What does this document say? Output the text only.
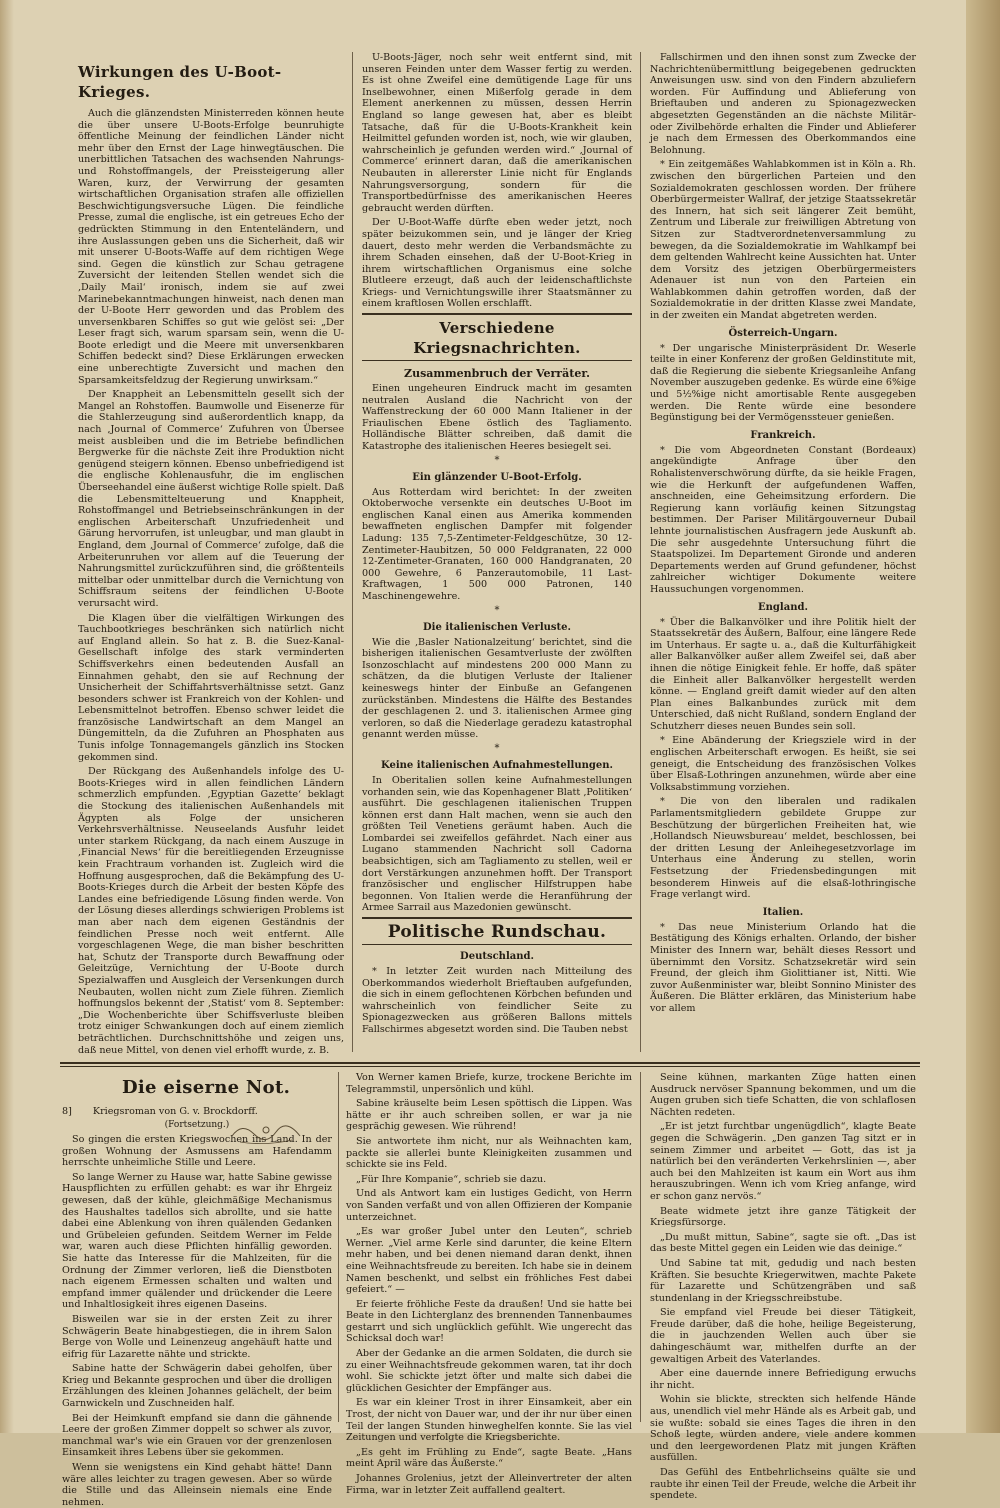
Wirkungen des U-Boot-Krieges.

Auch die glänzendsten Ministerreden können heute die über unsere U-Boots-Erfolge beunruhigte öffentliche Meinung der feindlichen Länder nicht mehr über den Ernst der Lage hinwegtäuschen. Die unerbittlichen Tatsachen des wachsenden Nahrungs- und Rohstoffmangels, der Preissteigerung aller Waren, kurz, der Verwirrung der gesamten wirtschaftlichen Organisation strafen alle offiziellen Beschwichtigungsversuche Lügen. Die feindliche Presse, zumal die englische, ist ein getreues Echo der gedrückten Stimmung in den Ententeländern, und ihre Auslassungen geben uns die Sicherheit, daß wir mit unserer U-Boots-Waffe auf dem richtigen Wege sind. Gegen die künstlich zur Schau getragene Zuversicht der leitenden Stellen wendet sich die ‚Daily Mail‘ ironisch, indem sie auf zwei Marinebekanntmachungen hinweist, nach denen man der U-Boote Herr geworden und das Problem des unversenkbaren Schiffes so gut wie gelöst sei: „Der Leser fragt sich, warum sparsam sein, wenn die U-Boote erledigt und die Meere mit unversenkbaren Schiffen bedeckt sind? Diese Erklärungen erwecken eine unberechtigte Zuversicht und machen den Sparsamkeitsfeldzug der Regierung unwirksam.“

Der Knappheit an Lebensmitteln gesellt sich der Mangel an Rohstoffen. Baumwolle und Eisenerze für die Stahlerzeugung sind außerordentlich knapp, da nach ‚Journal of Commerce‘ Zufuhren von Übersee meist ausbleiben und die im Betriebe befindlichen Bergwerke für die nächste Zeit ihre Produktion nicht genügend steigern können. Ebenso unbefriedigend ist die englische Kohlenausfuhr, die im englischen Überseehandel eine äußerst wichtige Rolle spielt. Daß die Lebensmittelteuerung und Knappheit, Rohstoffmangel und Betriebseinschränkungen in der englischen Arbeiterschaft Unzufriedenheit und Gärung hervorrufen, ist unleugbar, und man glaubt in England, dem ‚Journal of Commerce‘ zufolge, daß die Arbeiterunruhen vor allem auf die Teuerung der Nahrungsmittel zurückzuführen sind, die größtenteils mittelbar oder unmittelbar durch die Vernichtung von Schiffsraum seitens der feindlichen U-Boote verursacht wird.

Die Klagen über die vielfältigen Wirkungen des Tauchbootkrieges beschränken sich natürlich nicht auf England allein. So hat z. B. die Suez-Kanal-Gesellschaft infolge des stark verminderten Schiffsverkehrs einen bedeutenden Ausfall an Einnahmen gehabt, den sie auf Rechnung der Unsicherheit der Schiffahrtsverhältnisse setzt. Ganz besonders schwer ist Frankreich von der Kohlen- und Lebensmittelnot betroffen. Ebenso schwer leidet die französische Landwirtschaft an dem Mangel an Düngemitteln, da die Zufuhren an Phosphaten aus Tunis infolge Tonnagemangels gänzlich ins Stocken gekommen sind.

Der Rückgang des Außenhandels infolge des U-Boots-Krieges wird in allen feindlichen Ländern schmerzlich empfunden. ‚Egyptian Gazette‘ beklagt die Stockung des italienischen Außenhandels mit Ägypten als Folge der unsicheren Verkehrsverhältnisse. Neuseelands Ausfuhr leidet unter starkem Rückgang, da nach einem Auszuge in ‚Financial News‘ für die bereitliegenden Erzeugnisse kein Frachtraum vorhanden ist. Zugleich wird die Hoffnung ausgesprochen, daß die Bekämpfung des U-Boots-Krieges durch die Arbeit der besten Köpfe des Landes eine befriedigende Lösung finden werde. Von der Lösung dieses allerdings schwierigen Problems ist man aber nach dem eigenen Geständnis der feindlichen Presse noch weit entfernt. Alle vorgeschlagenen Wege, die man bisher beschritten hat, Schutz der Transporte durch Bewaffnung oder Geleitzüge, Vernichtung der U-Boote durch Spezialwaffen und Ausgleich der Versenkungen durch Neubauten, wollen nicht zum Ziele führen. Ziemlich hoffnungslos bekennt der ‚Statist‘ vom 8. September: „Die Wochenberichte über Schiffsverluste bleiben trotz einiger Schwankungen doch auf einem ziemlich beträchtlichen. Durchschnittshöhe und zeigen uns, daß neue Mittel, von denen viel erhofft wurde, z. B.

U-Boots-Jäger, noch sehr weit entfernt sind, mit unseren Feinden unter dem Wasser fertig zu werden. Es ist ohne Zweifel eine demütigende Lage für uns Inselbewohner, einen Mißerfolg gerade in dem Element anerkennen zu müssen, dessen Herrin England so lange gewesen hat, aber es bleibt Tatsache, daß für die U-Boots-Krankheit kein Heilmittel gefunden worden ist, noch, wie wir glauben, wahrscheinlich je gefunden werden wird.“ ‚Journal of Commerce‘ erinnert daran, daß die amerikanischen Neubauten in allererster Linie nicht für Englands Nahrungsversorgung, sondern für die Transportbedürfnisse des amerikanischen Heeres gebraucht werden dürften.

Der U-Boot-Waffe dürfte eben weder jetzt, noch später beizukommen sein, und je länger der Krieg dauert, desto mehr werden die Verbandsmächte zu ihrem Schaden einsehen, daß der U-Boot-Krieg in ihrem wirtschaftlichen Organismus eine solche Blutleere erzeugt, daß auch der leidenschaftlichste Kriegs- und Vernichtungswille ihrer Staatsmänner zu einem kraftlosen Wollen erschlafft.

Verschiedene Kriegsnachrichten.
Zusammenbruch der Verräter.

Einen ungeheuren Eindruck macht im gesamten neutralen Ausland die Nachricht von der Waffenstreckung der 60 000 Mann Italiener in der Friaulischen Ebene östlich des Tagliamento. Holländische Blätter schreiben, daß damit die Katastrophe des italienischen Heeres besiegelt sei.

*
Ein glänzender U-Boot-Erfolg.

Aus Rotterdam wird berichtet: In der zweiten Oktoberwoche versenkte ein deutsches U-Boot im englischen Kanal einen aus Amerika kommenden bewaffneten englischen Dampfer mit folgender Ladung: 135 7,5-Zentimeter-Feldgeschütze, 30 12-Zentimeter-Haubitzen, 50 000 Feldgranaten, 22 000 12-Zentimeter-Granaten, 160 000 Handgranaten, 20 000 Gewehre, 6 Panzerautomobile, 11 Last-Kraftwagen, 1 500 000 Patronen, 140 Maschinengewehre.

*
Die italienischen Verluste.

Wie die ‚Basler Nationalzeitung‘ berichtet, sind die bisherigen italienischen Gesamtverluste der zwölften Isonzoschlacht auf mindestens 200 000 Mann zu schätzen, da die blutigen Verluste der Italiener keineswegs hinter der Einbuße an Gefangenen zurückstänben. Mindestens die Hälfte des Bestandes der geschlagenen 2. und 3. italienischen Armee ging verloren, so daß die Niederlage geradezu katastrophal genannt werden müsse.

*
Keine italienischen Aufnahmestellungen.

In Oberitalien sollen keine Aufnahmestellungen vorhanden sein, wie das Kopenhagener Blatt ‚Politiken‘ ausführt. Die geschlagenen italienischen Truppen können erst dann Halt machen, wenn sie auch den größten Teil Venetiens geräumt haben. Auch die Lombardei sei zweifellos gefährdet. Nach einer aus Lugano stammenden Nachricht soll Cadorna beabsichtigen, sich am Tagliamento zu stellen, weil er dort Verstärkungen anzunehmen hofft. Der Transport französischer und englischer Hilfstruppen habe begonnen. Von Italien werde die Heranführung der Armee Sarrail aus Mazedonien gewünscht.

Politische Rundschau.
Deutschland.

* In letzter Zeit wurden nach Mitteilung des Oberkommandos wiederholt Brieftauben aufgefunden, die sich in einem geflochtenen Körbchen befunden und wahrscheinlich von feindlicher Seite zu Spionagezwecken aus größeren Ballons mittels Fallschirmes abgesetzt worden sind. Die Tauben nebst

Fallschirmen und den ihnen sonst zum Zwecke der Nachrichtenübermittlung beigegebenen gedruckten Anweisungen usw. sind von den Findern abzuliefern worden. Für Auffindung und Ablieferung von Brieftauben und anderen zu Spionagezwecken abgesetzten Gegenständen an die nächste Militär- oder Zivilbehörde erhalten die Finder und Ablieferer je nach dem Ermessen des Oberkommandos eine Belohnung.

* Ein zeitgemäßes Wahlabkommen ist in Köln a. Rh. zwischen den bürgerlichen Parteien und den Sozialdemokraten geschlossen worden. Der frühere Oberbürgermeister Wallraf, der jetzige Staatssekretär des Innern, hat sich seit längerer Zeit bemüht, Zentrum und Liberale zur freiwilligen Abtretung von Sitzen zur Stadtverordnetenversammlung zu bewegen, da die Sozialdemokratie im Wahlkampf bei dem geltenden Wahlrecht keine Aussichten hat. Unter dem Vorsitz des jetzigen Oberbürgermeisters Adenauer ist nun von den Parteien ein Wahlabkommen dahin getroffen worden, daß der Sozialdemokratie in der dritten Klasse zwei Mandate, in der zweiten ein Mandat abgetreten werden.

Österreich-Ungarn.

* Der ungarische Ministerpräsident Dr. Weserle teilte in einer Konferenz der großen Geldinstitute mit, daß die Regierung die siebente Kriegsanleihe Anfang November auszugeben gedenke. Es würde eine 6%ige und 5½%ige nicht amortisable Rente ausgegeben werden. Die Rente würde eine besondere Begünstigung bei der Vermögenssteuer genießen.

Frankreich.

* Die vom Abgeordneten Constant (Bordeaux) angekündigte Anfrage über den Rohalistenverschwörung dürfte, da sie heikle Fragen, wie die Herkunft der aufgefundenen Waffen, anschneiden, eine Geheimsitzung erfordern. Die Regierung kann vorläufig keinen Sitzungstag bestimmen. Der Pariser Militärgouverneur Dubail lehnte journalistischen Ausfragern jede Auskunft ab. Die sehr ausgedehnte Untersuchung führt die Staatspolizei. Im Departement Gironde und anderen Departements werden auf Grund gefundener, höchst zahlreicher wichtiger Dokumente weitere Haussuchungen vorgenommen.

England.

* Über die Balkanvölker und ihre Politik hielt der Staatssekretär des Äußern, Balfour, eine längere Rede im Unterhaus. Er sagte u. a., daß die Kulturfähigkeit aller Balkanvölker außer allem Zweifel sei, daß aber ihnen die nötige Einigkeit fehle. Er hoffe, daß später die Einheit aller Balkanvölker hergestellt werden könne. — England greift damit wieder auf den alten Plan eines Balkanbundes zurück mit dem Unterschied, daß nicht Rußland, sondern England der Schutzherr dieses neuen Bundes sein soll.

* Eine Abänderung der Kriegsziele wird in der englischen Arbeiterschaft erwogen. Es heißt, sie sei geneigt, die Entscheidung des französischen Volkes über Elsaß-Lothringen anzunehmen, würde aber eine Volksabstimmung vorziehen.

* Die von den liberalen und radikalen Parlamentsmitgliedern gebildete Gruppe zur Beschützung der bürgerlichen Freiheiten hat, wie ‚Hollandsch Nieuwsbureau‘ meldet, beschlossen, bei der dritten Lesung der Anleihegesetzvorlage im Unterhaus eine Änderung zu stellen, worin Festsetzung der Friedensbedingungen mit besonderem Hinweis auf die elsaß-lothringische Frage verlangt wird.

Italien.

* Das neue Ministerium Orlando hat die Bestätigung des Königs erhalten. Orlando, der bisher Minister des Innern war, behält dieses Ressort und übernimmt den Vorsitz. Schatzsekretär wird sein Freund, der gleich ihm Giolittianer ist, Nitti. Wie zuvor Außenminister war, bleibt Sonnino Minister des Äußeren. Die Blätter erklären, das Ministerium habe vor allem

Die eiserne Not.
8] Kriegsroman von G. v. Brockdorff.
(Fortsetzung.)

So gingen die ersten Kriegswochen ins Land. In der großen Wohnung der Asmussens am Hafendamm herrschte unheimliche Stille und Leere.

So lange Werner zu Hause war, hatte Sabine gewisse Hauspflichten zu erfüllen gehabt: es war ihr Ehrgeiz gewesen, daß der kühle, gleichmäßige Mechanismus des Haushaltes tadellos sich abrollte, und sie hatte dabei eine Ablenkung von ihren quälenden Gedanken und Grübeleien gefunden. Seitdem Werner im Felde war, waren auch diese Pflichten hinfällig geworden. Sie hatte das Interesse für die Mahlzeiten, für die Ordnung der Zimmer verloren, ließ die Dienstboten nach eigenem Ermessen schalten und walten und empfand immer quälender und drückender die Leere und Inhaltlosigkeit ihres eigenen Daseins.

Bisweilen war sie in der ersten Zeit zu ihrer Schwägerin Beate hinabgestiegen, die in ihrem Salon Berge von Wolle und Leinenzeug angehäuft hatte und eifrig für Lazarette nähte und strickte.

Sabine hatte der Schwägerin dabei geholfen, über Krieg und Bekannte gesprochen und über die drolligen Erzählungen des kleinen Johannes gelächelt, der beim Garnwickeln und Zuschneiden half.

Bei der Heimkunft empfand sie dann die gähnende Leere der großen Zimmer doppelt so schwer als zuvor, manchmal war's wie ein Grauen vor der grenzenlosen Einsamkeit ihres Lebens über sie gekommen.

Wenn sie wenigstens ein Kind gehabt hätte! Dann wäre alles leichter zu tragen gewesen. Aber so würde die Stille und das Alleinsein niemals eine Ende nehmen.

Von Werner kamen Briefe, kurze, trockene Berichte im Telegrammstil, unpersönlich und kühl.

Sabine kräuselte beim Lesen spöttisch die Lippen. Was hätte er ihr auch schreiben sollen, er war ja nie gesprächig gewesen. Wie rührend!

Sie antwortete ihm nicht, nur als Weihnachten kam, packte sie allerlei bunte Kleinigkeiten zusammen und schickte sie ins Feld.

„Für Ihre Kompanie“, schrieb sie dazu.

Und als Antwort kam ein lustiges Gedicht, von Herrn von Sanden verfaßt und von allen Offizieren der Kompanie unterzeichnet.

„Es war großer Jubel unter den Leuten“, schrieb Werner. „Viel arme Kerle sind darunter, die keine Eltern mehr haben, und bei denen niemand daran denkt, ihnen eine Weihnachtsfreude zu bereiten. Ich habe sie in deinem Namen beschenkt, und selbst ein fröhliches Fest dabei gefeiert.“ —

Er feierte fröhliche Feste da draußen! Und sie hatte bei Beate in den Lichterglanz des brennenden Tannenbaumes gestarrt und sich unglücklich gefühlt. Wie ungerecht das Schicksal doch war!

Aber der Gedanke an die armen Soldaten, die durch sie zu einer Weihnachtsfreude gekommen waren, tat ihr doch wohl. Sie schickte jetzt öfter und malte sich dabei die glücklichen Gesichter der Empfänger aus.

Es war ein kleiner Trost in ihrer Einsamkeit, aber ein Trost, der nicht von Dauer war, und der ihr nur über einen Teil der langen Stunden hinweghelfen konnte. Sie las viel Zeitungen und verfolgte die Kriegsberichte.

„Es geht im Frühling zu Ende“, sagte Beate. „Hans meint April wäre das Äußerste.“

Johannes Grolenius, jetzt der Alleinvertreter der alten Firma, war in letzter Zeit auffallend gealtert.

Seine kühnen, markanten Züge hatten einen Ausdruck nervöser Spannung bekommen, und um die Augen gruben sich tiefe Schatten, die von schlaflosen Nächten redeten.

„Er ist jetzt furchtbar ungenügdlich“, klagte Beate gegen die Schwägerin. „Den ganzen Tag sitzt er in seinem Zimmer und arbeitet — Gott, das ist ja natürlich bei den veränderten Verkehrslinien —, aber auch bei den Mahlzeiten ist kaum ein Wort aus ihm herauszubringen. Wenn ich vom Krieg anfange, wird er schon ganz nervös.“

Beate widmete jetzt ihre ganze Tätigkeit der Kriegsfürsorge.

„Du mußt mittun, Sabine“, sagte sie oft. „Das ist das beste Mittel gegen ein Leiden wie das deinige.“

Und Sabine tat mit, gedudig und nach besten Kräften. Sie besuchte Kriegerwitwen, machte Pakete für Lazarette und Schützengräben und saß stundenlang in der Kriegsschreibstube.

Sie empfand viel Freude bei dieser Tätigkeit, Freude darüber, daß die hohe, heilige Begeisterung, die in jauchzenden Wellen auch über sie dahingeschäumt war, mithelfen durfte an der gewaltigen Arbeit des Vaterlandes.

Aber eine dauernde innere Befriedigung erwuchs ihr nicht.

Wohin sie blickte, streckten sich helfende Hände aus, unendlich viel mehr Hände als es Arbeit gab, und sie wußte: sobald sie eines Tages die ihren in den Schoß legte, würden andere, viele andere kommen und den leergewordenen Platz mit jungen Kräften ausfüllen.

Das Gefühl des Entbehrlichseins quälte sie und raubte ihr einen Teil der Freude, welche die Arbeit ihr spendete.
